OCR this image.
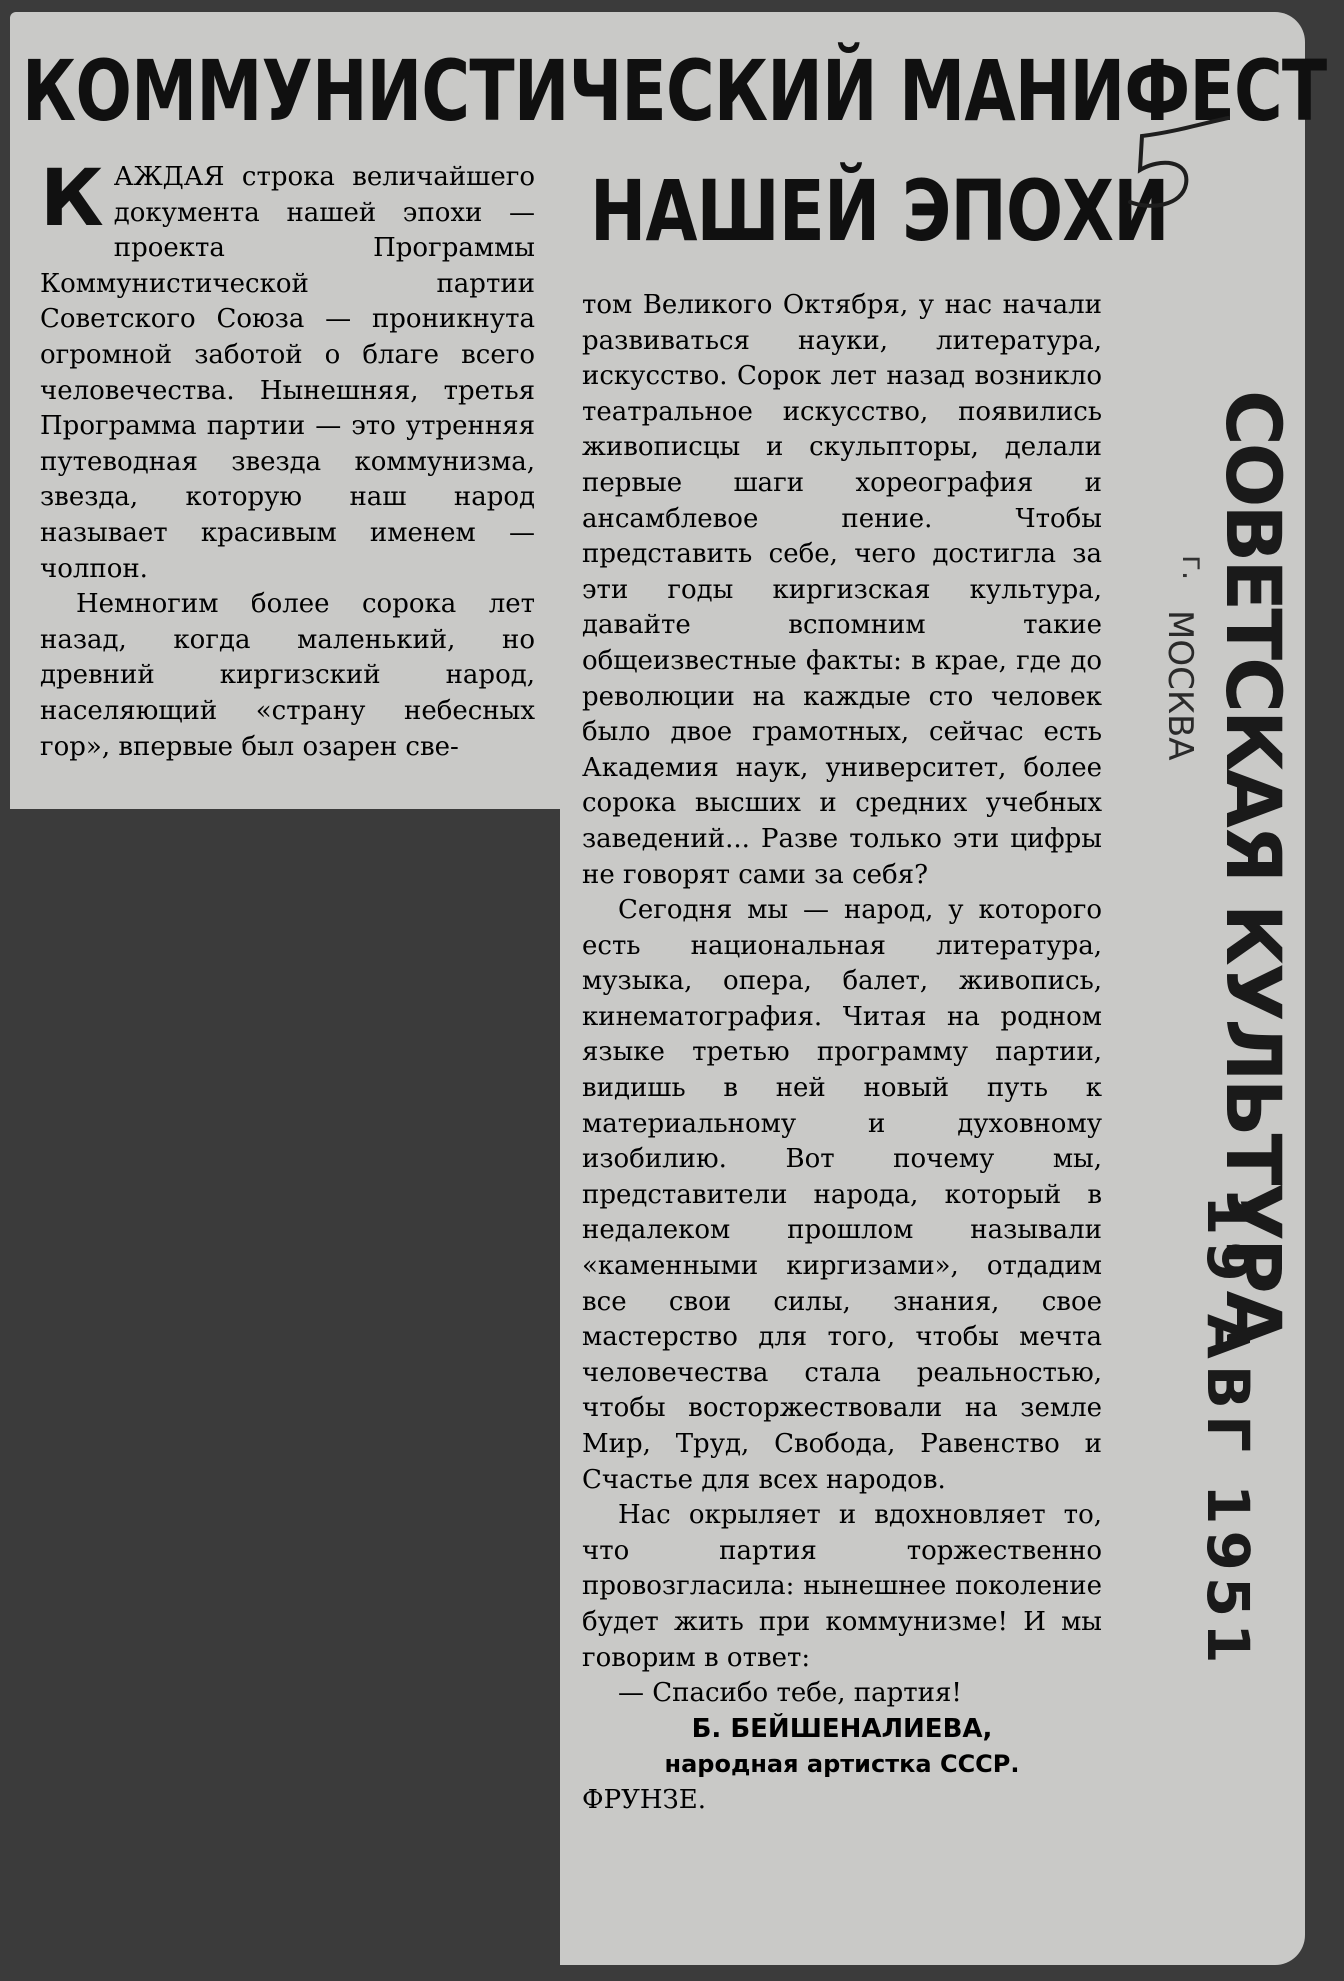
КОММУНИСТИЧЕСКИЙ МАНИФЕСТ
НАШЕЙ ЭПОХИ
СОВЕТСКАЯ КУЛЬТУРА
г.
МОСКВА
19 АВГ 1951

КАЖДАЯ строка величайшего документа нашей эпохи — проекта Программы Коммунистической партии Советского Союза — проникнута огромной заботой о благе всего человечества. Нынешняя, третья Программа партии — это утренняя путеводная звезда коммунизма, звезда, которую наш народ называет красивым именем — чолпон.

Немногим более сорока лет назад, когда маленький, но древний киргизский народ, населяющий «страну небесных гор», впервые был озарен све-

том Великого Октября, у нас начали развиваться науки, литература, искусство. Сорок лет назад возникло театральное искусство, появились живописцы и скульпторы, делали первые шаги хореография и ансамблевое пение. Чтобы представить себе, чего достигла за эти годы киргизская культура, давайте вспомним такие общеизвестные факты: в крае, где до революции на каждые сто человек было двое грамотных, сейчас есть Академия наук, университет, более сорока высших и средних учебных заведений... Разве только эти цифры не говорят сами за себя?

Сегодня мы — народ, у которого есть национальная литература, музыка, опера, балет, живопись, кинематография. Читая на родном языке третью программу партии, видишь в ней новый путь к материальному и духовному изобилию. Вот почему мы, представители народа, который в недалеком прошлом называли «каменными киргизами», отдадим все свои силы, знания, свое мастерство для того, чтобы мечта человечества стала реальностью, чтобы восторжествовали на земле Мир, Труд, Свобода, Равенство и Счастье для всех народов.

Нас окрыляет и вдохновляет то, что партия торжественно провозгласила: нынешнее поколение будет жить при коммунизме! И мы говорим в ответ:

— Спасибо тебе, партия!

Б. БЕЙШЕНАЛИЕВА,

народная артистка СССР.

ФРУНЗЕ.
